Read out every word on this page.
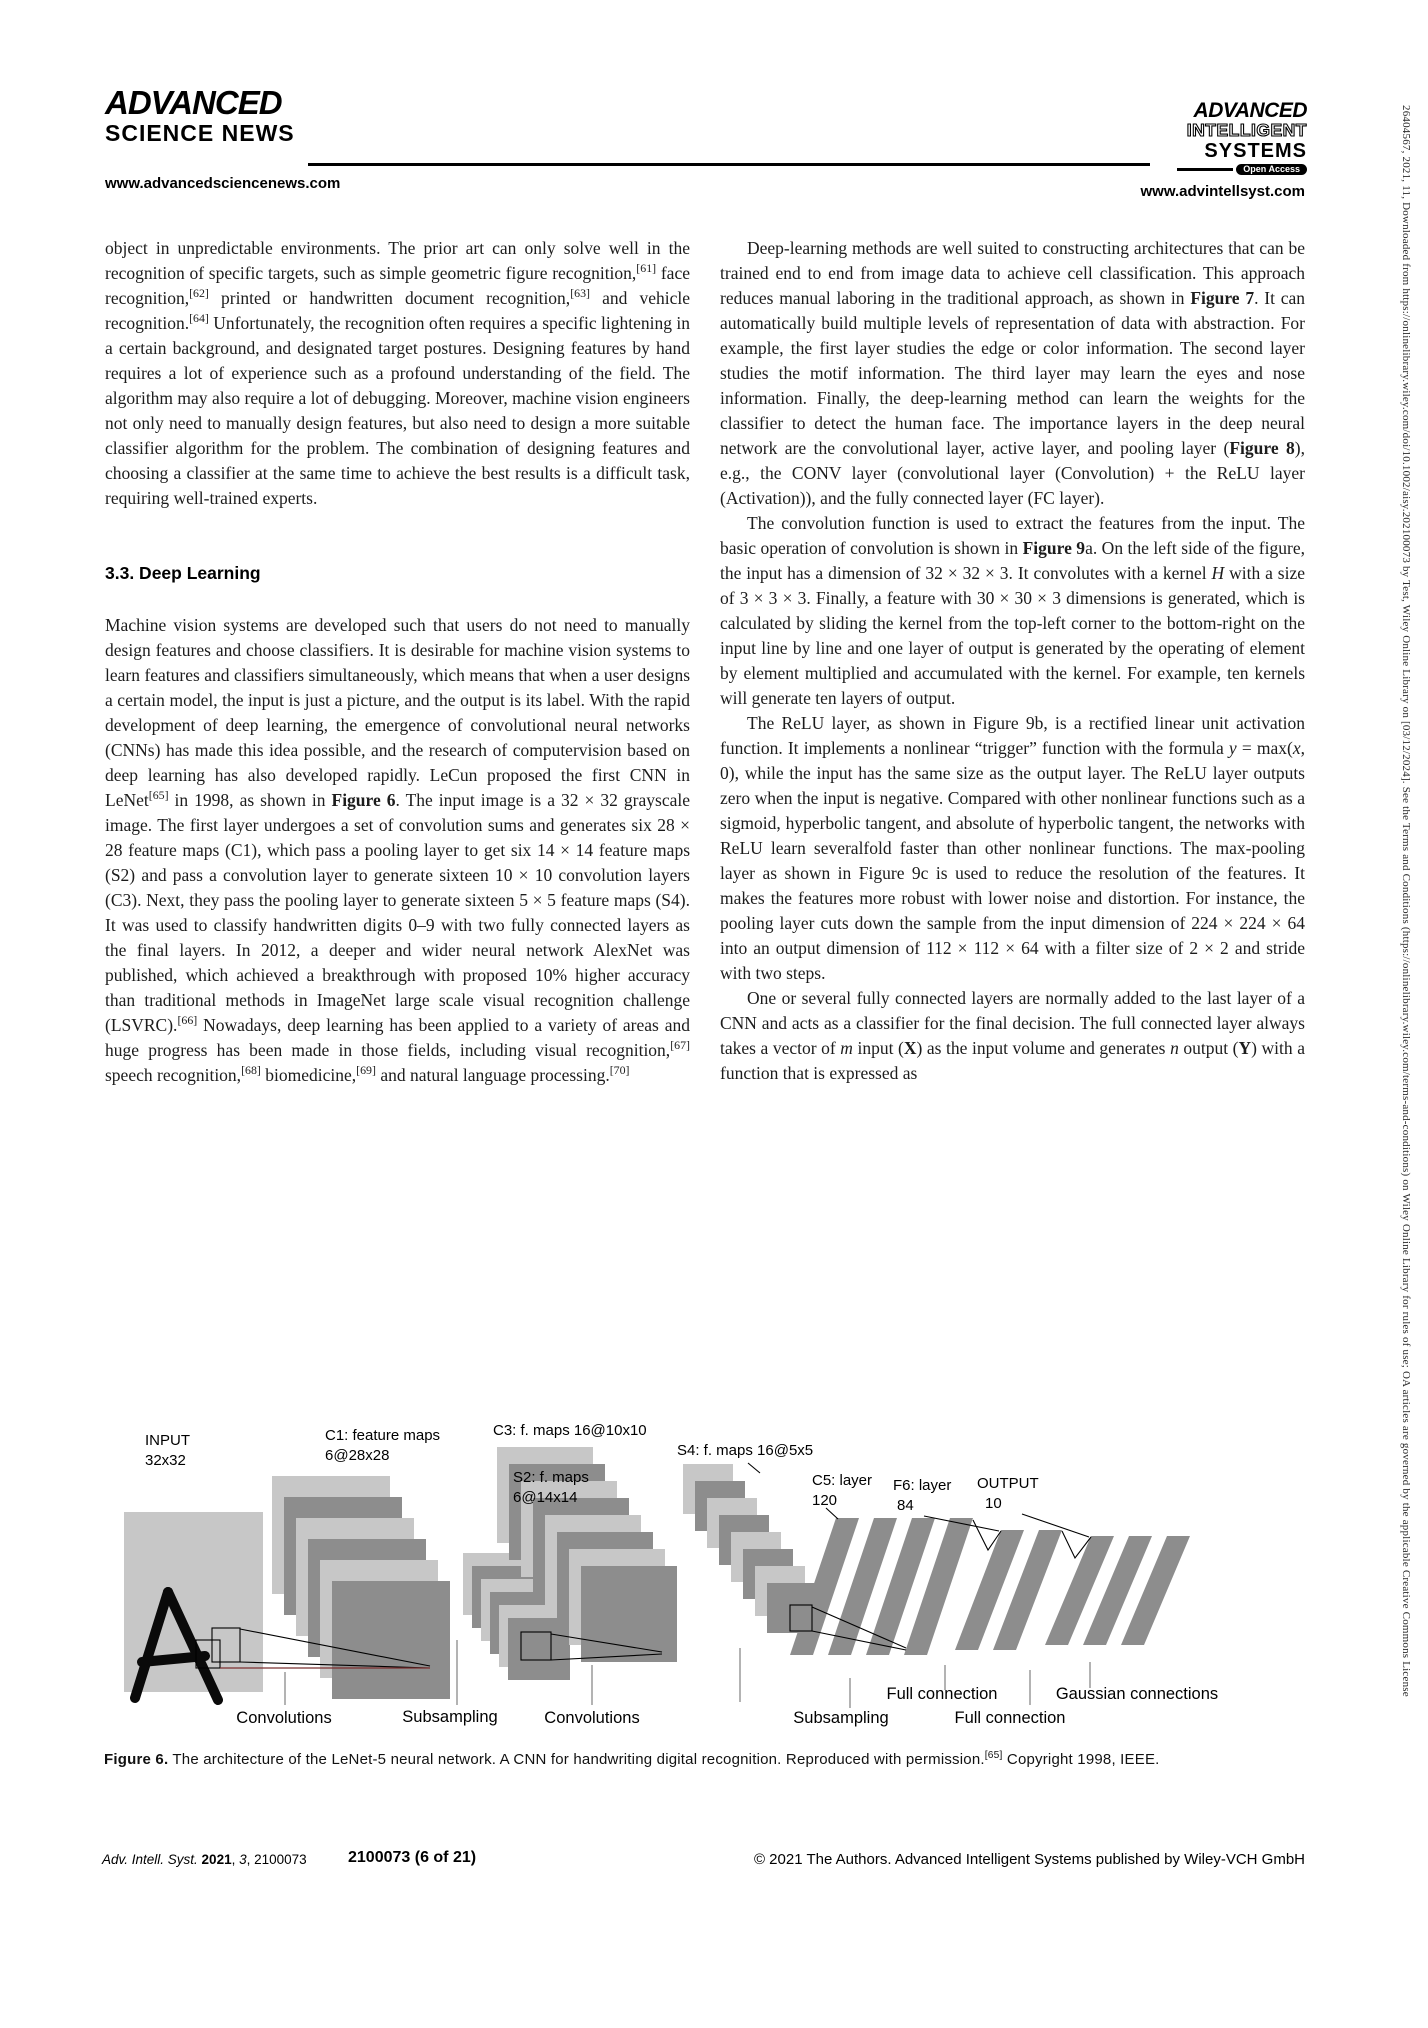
ADVANCED
SCIENCE NEWS
www.advancedsciencenews.com
ADVANCED
INTELLIGENT
SYSTEMS
Open Access
www.advintellsyst.com	26404567, 2021, 11, Downloaded from https://onlinelibrary.wiley.com/doi/10.1002/aisy.202100073 by Test, Wiley Online Library on [03/12/2024]. See the Terms and Conditions (https://onlinelibrary.wiley.com/terms-and-conditions) on Wiley Online Library for rules of use; OA articles are governed by the applicable Creative Commons License

object in unpredictable environments. The prior art can only solve well in the recognition of specific targets, such as simple geometric figure recognition,[61] face recognition,[62] printed or handwritten document recognition,[63] and vehicle recognition.[64] Unfortunately, the recognition often requires a specific lightening in a certain background, and designated target postures. Designing features by hand requires a lot of experience such as a profound understanding of the field. The algorithm may also require a lot of debugging. Moreover, machine vision engineers not only need to manually design features, but also need to design a more suitable classifier algorithm for the problem. The combination of designing features and choosing a classifier at the same time to achieve the best results is a difficult task, requiring well-trained experts.

3.3. Deep Learning

Machine vision systems are developed such that users do not need to manually design features and choose classifiers. It is desirable for machine vision systems to learn features and classifiers simultaneously, which means that when a user designs a certain model, the input is just a picture, and the output is its label. With the rapid development of deep learning, the emergence of convolutional neural networks (CNNs) has made this idea possible, and the research of computervision based on deep learning has also developed rapidly. LeCun proposed the first CNN in LeNet[65] in 1998, as shown in Figure 6. The input image is a 32 × 32 grayscale image. The first layer undergoes a set of convolution sums and generates six 28 × 28 feature maps (C1), which pass a pooling layer to get six 14 × 14 feature maps (S2) and pass a convolution layer to generate sixteen 10 × 10 convolution layers (C3). Next, they pass the pooling layer to generate sixteen 5 × 5 feature maps (S4). It was used to classify handwritten digits 0–9 with two fully connected layers as the final layers. In 2012, a deeper and wider neural network AlexNet was published, which achieved a breakthrough with proposed 10% higher accuracy than traditional methods in ImageNet large scale visual recognition challenge (LSVRC).[66] Nowadays, deep learning has been applied to a variety of areas and huge progress has been made in those fields, including visual recognition,[67] speech recognition,[68] biomedicine,[69] and natural language processing.[70]

Deep-learning methods are well suited to constructing architectures that can be trained end to end from image data to achieve cell classification. This approach reduces manual laboring in the traditional approach, as shown in Figure 7. It can automatically build multiple levels of representation of data with abstraction. For example, the first layer studies the edge or color information. The second layer studies the motif information. The third layer may learn the eyes and nose information. Finally, the deep-learning method can learn the weights for the classifier to detect the human face. The importance layers in the deep neural network are the convolutional layer, active layer, and pooling layer (Figure 8), e.g., the CONV layer (convolutional layer (Convolution) + the ReLU layer (Activation)), and the fully connected layer (FC layer).

The convolution function is used to extract the features from the input. The basic operation of convolution is shown in Figure 9a. On the left side of the figure, the input has a dimension of 32 × 32 × 3. It convolutes with a kernel H with a size of 3 × 3 × 3. Finally, a feature with 30 × 30 × 3 dimensions is generated, which is calculated by sliding the kernel from the top-left corner to the bottom-right on the input line by line and one layer of output is generated by the operating of element by element multiplied and accumulated with the kernel. For example, ten kernels will generate ten layers of output.

The ReLU layer, as shown in Figure 9b, is a rectified linear unit activation function. It implements a nonlinear “trigger” function with the formula y = max(x, 0), while the input has the same size as the output layer. The ReLU layer outputs zero when the input is negative. Compared with other nonlinear functions such as a sigmoid, hyperbolic tangent, and absolute of hyperbolic tangent, the networks with ReLU learn severalfold faster than other nonlinear functions. The max-pooling layer as shown in Figure 9c is used to reduce the resolution of the features. It makes the features more robust with lower noise and distortion. For instance, the pooling layer cuts down the sample from the input dimension of 224 × 224 × 64 into an output dimension of 112 × 112 × 64 with a filter size of 2 × 2 and stride with two steps.

One or several fully connected layers are normally added to the last layer of a CNN and acts as a classifier for the final decision. The full connected layer always takes a vector of m input (X) as the input volume and generates n output (Y) with a function that is expressed as

INPUT
32x32
C1: feature maps
6@28x28
S2: f. maps
6@14x14
C3: f. maps 16@10x10
S4: f. maps 16@5x5
C5: layer
120
F6: layer
84
OUTPUT
10
Convolutions	Subsampling	Convolutions	Subsampling
Full connection
Full connection
Gaussian connections
Figure 6. The architecture of the LeNet-5 neural network. A CNN for handwriting digital recognition. Reproduced with permission.[65] Copyright 1998, IEEE.
Adv. Intell. Syst. 2021, 3, 2100073	2100073 (6 of 21)	© 2021 The Authors. Advanced Intelligent Systems published by Wiley-VCH GmbH
